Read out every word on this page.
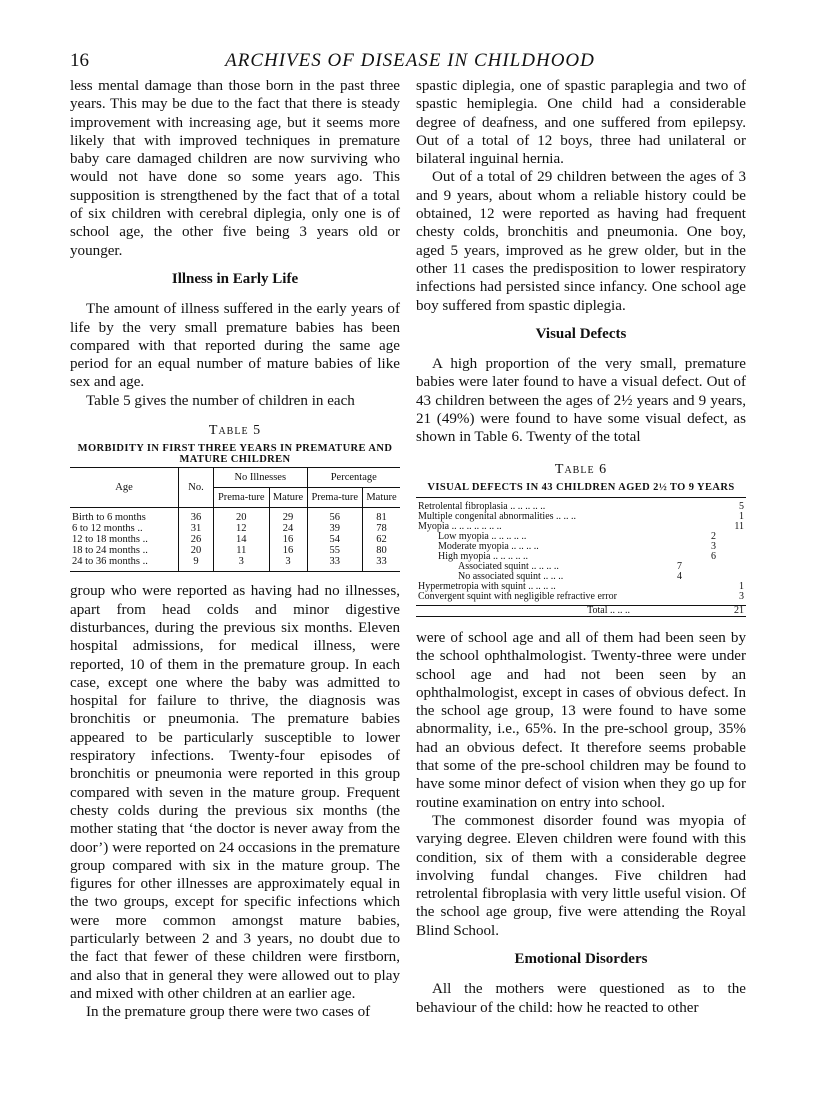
16	ARCHIVES OF DISEASE IN CHILDHOOD

less mental damage than those born in the past three years. This may be due to the fact that there is steady improvement with increasing age, but it seems more likely that with improved techniques in premature baby care damaged children are now surviving who would not have done so some years ago. This supposition is strengthened by the fact that of a total of six children with cerebral diplegia, only one is of school age, the other five being 3 years old or younger.

Illness in Early Life

The amount of illness suffered in the early years of life by the very small premature babies has been compared with that reported during the same age period for an equal number of mature babies of like sex and age.

Table 5 gives the number of children in each

Table 5
MORBIDITY IN FIRST THREE YEARS IN PREMATURE AND MATURE CHILDREN
Age	No.	No Illnesses		Percentage	
		Prema-ture	Mature	Prema-ture	Mature
Birth to 6 months	36	20	29	56	81
6 to 12 months ..	31	12	24	39	78
12 to 18 months ..	26	14	16	54	62
18 to 24 months ..	20	11	16	55	80
24 to 36 months ..	9	3	3	33	33

group who were reported as having had no illnesses, apart from head colds and minor digestive disturbances, during the previous six months. Eleven hospital admissions, for medical illness, were reported, 10 of them in the premature group. In each case, except one where the baby was admitted to hospital for failure to thrive, the diagnosis was bronchitis or pneumonia. The premature babies appeared to be particularly susceptible to lower respiratory infections. Twenty-four episodes of bronchitis or pneumonia were reported in this group compared with seven in the mature group. Frequent chesty colds during the previous six months (the mother stating that ‘the doctor is never away from the door’) were reported on 24 occasions in the premature group compared with six in the mature group. The figures for other illnesses are approximately equal in the two groups, except for specific infections which were more common amongst mature babies, particularly between 2 and 3 years, no doubt due to the fact that fewer of these children were firstborn, and also that in general they were allowed out to play and mixed with other children at an earlier age.

In the premature group there were two cases of

spastic diplegia, one of spastic paraplegia and two of spastic hemiplegia. One child had a considerable degree of deafness, and one suffered from epilepsy. Out of a total of 12 boys, three had unilateral or bilateral inguinal hernia.

Out of a total of 29 children between the ages of 3 and 9 years, about whom a reliable history could be obtained, 12 were reported as having had frequent chesty colds, bronchitis and pneumonia. One boy, aged 5 years, improved as he grew older, but in the other 11 cases the predisposition to lower respiratory infections had persisted since infancy. One school age boy suffered from spastic diplegia.

Visual Defects

A high proportion of the very small, premature babies were later found to have a visual defect. Out of 43 children between the ages of 2½ years and 9 years, 21 (49%) were found to have some visual defect, as shown in Table 6. Twenty of the total

Table 6
VISUAL DEFECTS IN 43 CHILDREN AGED 2½ TO 9 YEARS
Retrolental fibroplasia .. .. .. .. ..			5
Multiple congenital abnormalities .. .. ..			1
Myopia .. .. .. .. .. .. ..			11
Low myopia .. .. .. .. ..		2	
Moderate myopia .. .. .. ..		3	
High myopia .. .. .. .. ..		6	
Associated squint .. .. .. ..	7		
No associated squint .. .. ..	4		
Hypermetropia with squint .. .. .. ..			1
Convergent squint with negligible refractive error			3
Total .. .. ..			21

were of school age and all of them had been seen by the school ophthalmologist. Twenty-three were under school age and had not been seen by an ophthalmologist, except in cases of obvious defect. In the school age group, 13 were found to have some abnormality, i.e., 65%. In the pre-school group, 35% had an obvious defect. It therefore seems probable that some of the pre-school children may be found to have some minor defect of vision when they go up for routine examination on entry into school.

The commonest disorder found was myopia of varying degree. Eleven children were found with this condition, six of them with a considerable degree involving fundal changes. Five children had retrolental fibroplasia with very little useful vision. Of the school age group, five were attending the Royal Blind School.

Emotional Disorders

All the mothers were questioned as to the behaviour of the child: how he reacted to other
